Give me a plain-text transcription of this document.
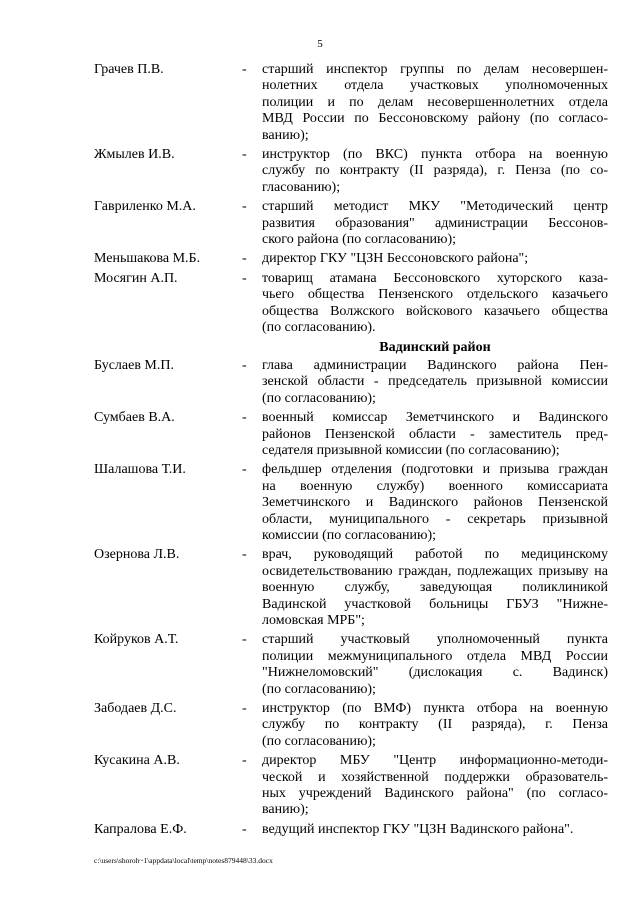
5
Грачев П.В.	-	старший инспектор группы по делам несовершен-
нолетних отдела участковых уполномоченных
полиции и по делам несовершеннолетних отдела
МВД России по Бессоновскому району (по согласо-
ванию);
Жмылев И.В.	-	инструктор (по ВКС) пункта отбора на военную
службу по контракту (II разряда), г. Пенза (по со-
гласованию);
Гавриленко М.А.	-	старший методист МКУ "Методический центр
развития образования" администрации Бессонов-
ского района (по согласованию);
Меньшакова М.Б.	-	директор ГКУ "ЦЗН Бессоновского района";
Мосягин А.П.	-	товарищ атамана Бессоновского хуторского каза-
чьего общества Пензенского отдельского казачьего
общества Волжского войскового казачьего общества
(по согласованию).
Вадинский район
Буслаев М.П.	-	глава администрации Вадинского района Пен-
зенской области - председатель призывной комиссии
(по согласованию);
Сумбаев В.А.	-	военный комиссар Земетчинского и Вадинского
районов Пензенской области - заместитель пред-
седателя призывной комиссии (по согласованию);
Шалашова Т.И.	-	фельдшер отделения (подготовки и призыва граждан
на военную службу) военного комиссариата
Земетчинского и Вадинского районов Пензенской
области, муниципального - секретарь призывной
комиссии (по согласованию);
Озернова Л.В.	-	врач, руководящий работой по медицинскому
освидетельствованию граждан, подлежащих призыву на
военную службу, заведующая поликлиникой
Вадинской участковой больницы ГБУЗ "Нижне-
ломовская МРБ";
Койруков А.Т.	-	старший участковый уполномоченный пункта
полиции межмуниципального отдела МВД России
"Нижнеломовский" (дислокация с. Вадинск)
(по согласованию);
Забодаев Д.С.	-	инструктор (по ВМФ) пункта отбора на военную
службу по контракту (II разряда), г. Пенза
(по согласованию);
Кусакина А.В.	-	директор МБУ "Центр информационно-методи-
ческой и хозяйственной поддержки образователь-
ных учреждений Вадинского района" (по согласо-
ванию);
Капралова Е.Ф.	-	ведущий инспектор ГКУ "ЦЗН Вадинского района".
c:\users\shoroh~1\appdata\local\temp\notes879448\33.docx
